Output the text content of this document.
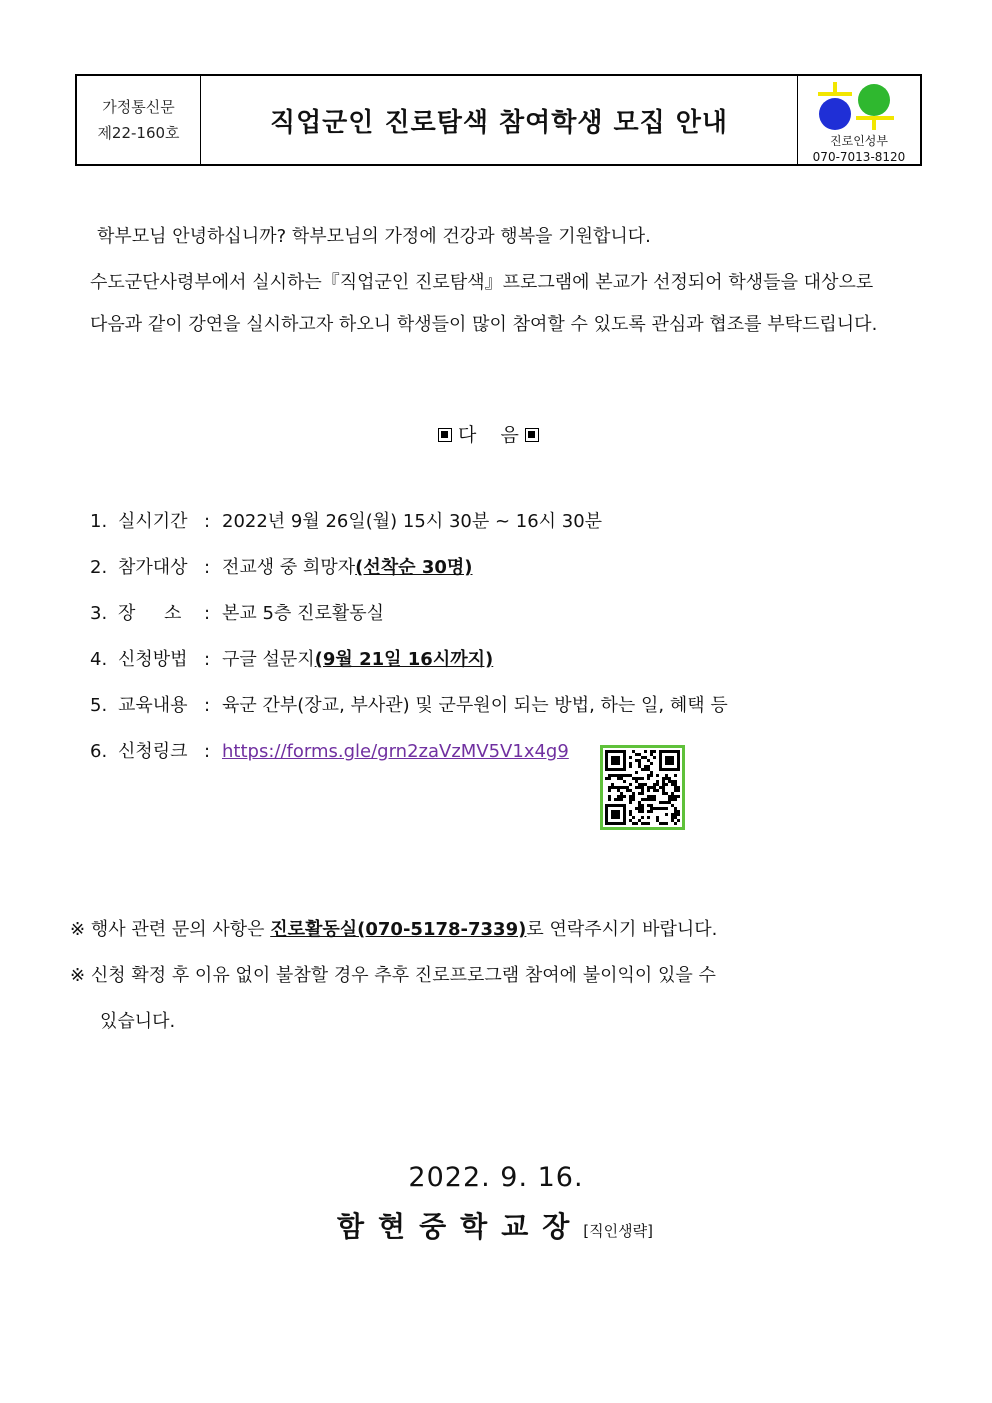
가정통신문
제22-160호	직업군인 진로탐색 참여학생 모집 안내
진로인성부
070-7013-8120
학부모님 안녕하십니까? 학부모님의 가정에 건강과 행복을 기원합니다.
수도군단사령부에서 실시하는『직업군인 진로탐색』프로그램에 본교가 선정되어 학생들을 대상으로
다음과 같이 강연을 실시하고자 하오니 학생들이 많이 참여할 수 있도록 관심과 협조를 부탁드립니다.
다    음
1. 실시기간 : 2022년 9월 26일(월) 15시 30분 ~ 16시 30분
2. 참가대상 : 전교생 중 희망자(선착순 30명)
3. 장     소 : 본교 5층 진로활동실
4. 신청방법 : 구글 설문지(9월 21일 16시까지)
5. 교육내용 : 육군 간부(장교, 부사관) 및 군무원이 되는 방법, 하는 일, 혜택 등
6. 신청링크 : https://forms.gle/grn2zaVzMV5V1x4g9
※ 행사 관련 문의 사항은 진로활동실(070-5178-7339)로 연락주시기 바랍니다.
※ 신청 확정 후 이유 없이 불참할 경우 추후 진로프로그램 참여에 불이익이 있을 수
있습니다.
2022. 9. 16.
함현중학교장[직인생략]
